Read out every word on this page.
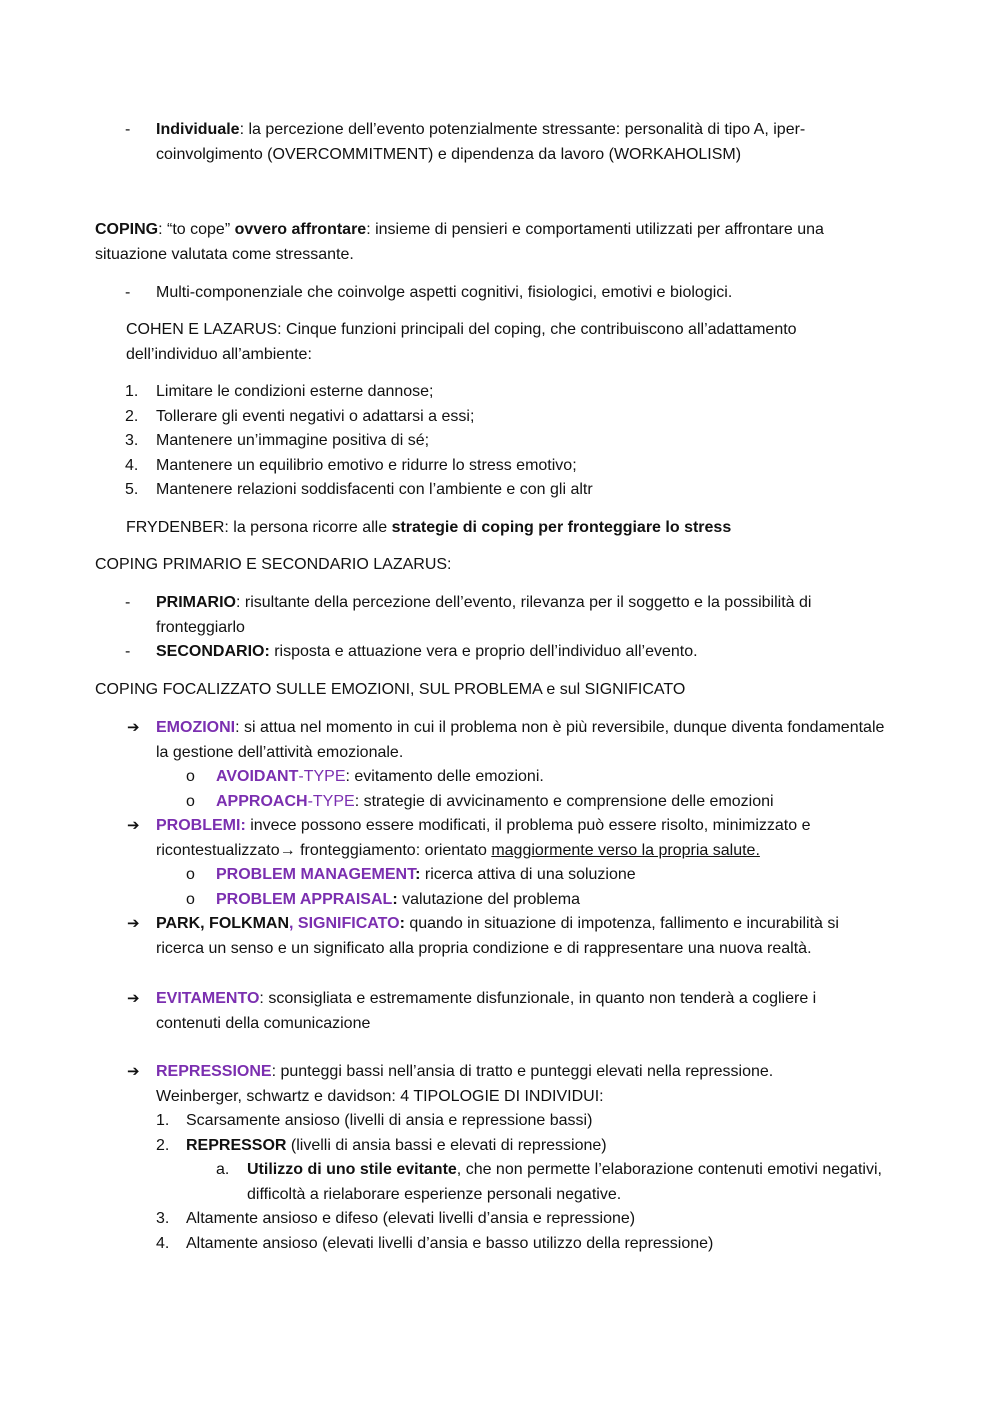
- Individuale: la percezione dell’evento potenzialmente stressante: personalità di tipo A, iper-coinvolgimento (OVERCOMMITMENT) e dipendenza da lavoro (WORKAHOLISM)
COPING: “to cope” ovvero affrontare: insieme di pensieri e comportamenti utilizzati per affrontare una situazione valutata come stressante.
- Multi-componenziale che coinvolge aspetti cognitivi, fisiologici, emotivi e biologici.
COHEN E LAZARUS: Cinque funzioni principali del coping, che contribuiscono all’adattamento dell’individuo all’ambiente:
1. Limitare le condizioni esterne dannose;
2. Tollerare gli eventi negativi o adattarsi a essi;
3. Mantenere un’immagine positiva di sé;
4. Mantenere un equilibrio emotivo e ridurre lo stress emotivo;
5. Mantenere relazioni soddisfacenti con l’ambiente e con gli altr
FRYDENBER: la persona ricorre alle strategie di coping per fronteggiare lo stress
COPING PRIMARIO E SECONDARIO LAZARUS:
- PRIMARIO: risultante della percezione dell’evento, rilevanza per il soggetto e la possibilità di fronteggiarlo
- SECONDARIO: risposta e attuazione vera e proprio dell’individuo all’evento.
COPING FOCALIZZATO SULLE EMOZIONI, SUL PROBLEMA e sul SIGNIFICATO
➔ EMOZIONI: si attua nel momento in cui il problema non è più reversibile, dunque diventa fondamentale la gestione dell’attività emozionale.
o AVOIDANT-TYPE: evitamento delle emozioni.
o APPROACH-TYPE: strategie di avvicinamento e comprensione delle emozioni
➔ PROBLEMI: invece possono essere modificati, il problema può essere risolto, minimizzato e ricontestualizzato→ fronteggiamento: orientato maggiormente verso la propria salute.
o PROBLEM MANAGEMENT: ricerca attiva di una soluzione
o PROBLEM APPRAISAL: valutazione del problema
➔ PARK, FOLKMAN, SIGNIFICATO: quando in situazione di impotenza, fallimento e incurabilità si ricerca un senso e un significato alla propria condizione e di rappresentare una nuova realtà.
➔ EVITAMENTO: sconsigliata e estremamente disfunzionale, in quanto non tenderà a cogliere i contenuti della comunicazione
➔ REPRESSIONE: punteggi bassi nell’ansia di tratto e punteggi elevati nella repressione.
Weinberger, schwartz e davidson: 4 TIPOLOGIE DI INDIVIDUI:
1. Scarsamente ansioso (livelli di ansia e repressione bassi)
2. REPRESSOR (livelli di ansia bassi e elevati di repressione)
a. Utilizzo di uno stile evitante, che non permette l’elaborazione contenuti emotivi negativi, difficoltà a rielaborare esperienze personali negative.
3. Altamente ansioso e difeso (elevati livelli d’ansia e repressione)
4. Altamente ansioso (elevati livelli d’ansia e basso utilizzo della repressione)
